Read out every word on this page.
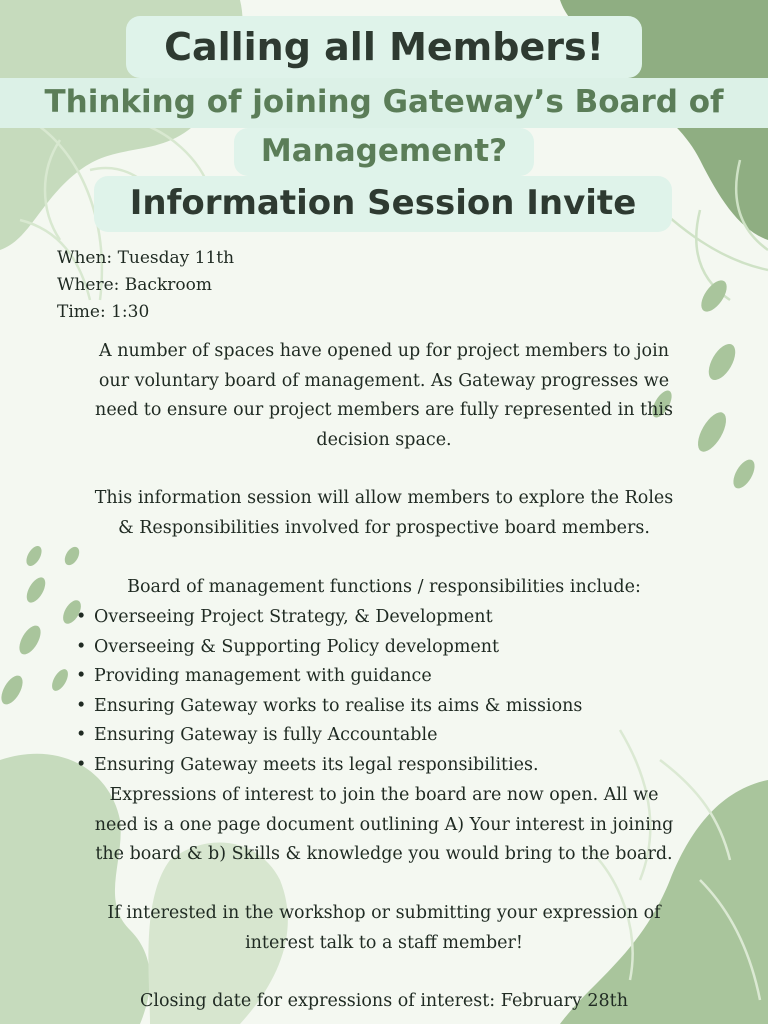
Calling all Members!
Thinking of joining Gateway’s Board of
Management?
Information Session Invite
When: Tuesday 11th
Where: Backroom
Time: 1:30
A number of spaces have opened up for project members to join
our voluntary board of management. As Gateway progresses we
need to ensure our project members are fully represented in this
decision space.
This information session will allow members to explore the Roles
& Responsibilities involved for prospective board members.
Board of management functions / responsibilities include:
• Overseeing Project Strategy, & Development
• Overseeing & Supporting Policy development
• Providing management with guidance
• Ensuring Gateway works to realise its aims & missions
• Ensuring Gateway is fully Accountable
• Ensuring Gateway meets its legal responsibilities.
Expressions of interest to join the board are now open. All we
need is a one page document outlining A) Your interest in joining
the board & b) Skills & knowledge you would bring to the board.
If interested in the workshop or submitting your expression of
interest talk to a staff member!
Closing date for expressions of interest: February 28th
